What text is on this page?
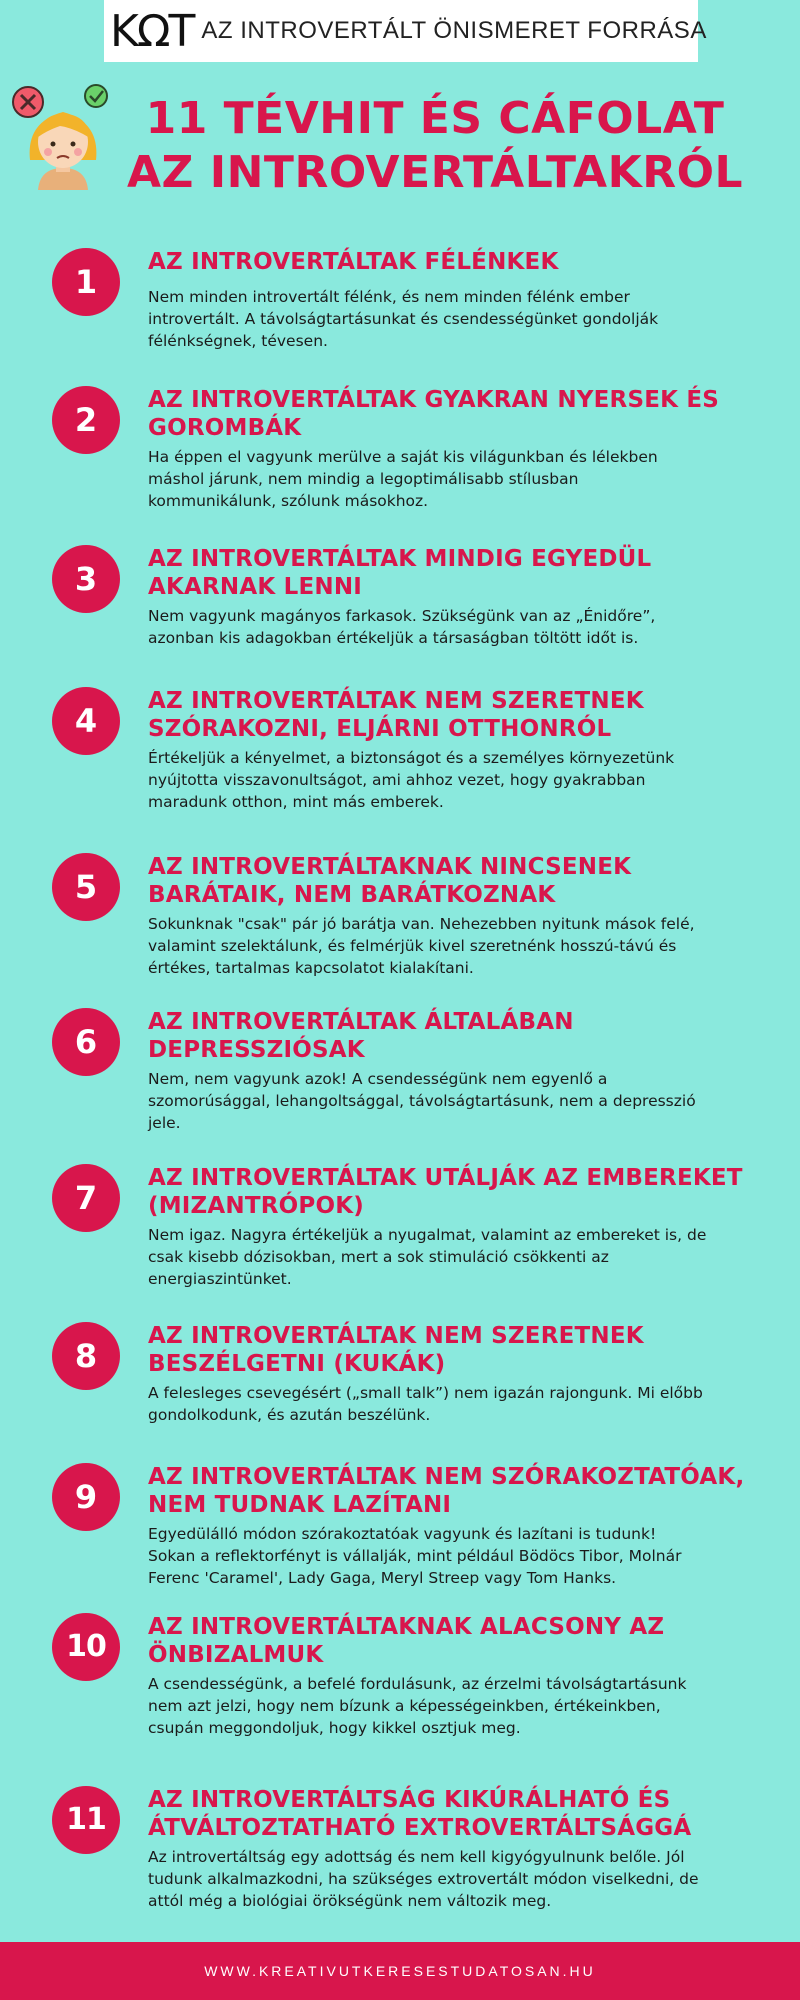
KΩT AZ INTROVERTÁLT ÖNISMERET FORRÁSA
11 TÉVHIT ÉS CÁFOLAT
AZ INTROVERTÁLTAKRÓL
1
AZ INTROVERTÁLTAK FÉLÉNKEK
Nem minden introvertált félénk, és nem minden félénk ember introvertált. A távolságtartásunkat és csendességünket gondolják félénkségnek, tévesen.
2
AZ INTROVERTÁLTAK GYAKRAN NYERSEK ÉS GOROMBÁK
Ha éppen el vagyunk merülve a saját kis világunkban és lélekben máshol járunk, nem mindig a legoptimálisabb stílusban kommunikálunk, szólunk másokhoz.
3
AZ INTROVERTÁLTAK MINDIG EGYEDÜL AKARNAK LENNI
Nem vagyunk magányos farkasok. Szükségünk van az „Énidőre”, azonban kis adagokban értékeljük a társaságban töltött időt is.
4
AZ INTROVERTÁLTAK NEM SZERETNEK SZÓRAKOZNI, ELJÁRNI OTTHONRÓL
Értékeljük a kényelmet, a biztonságot és a személyes környezetünk nyújtotta visszavonultságot, ami ahhoz vezet, hogy gyakrabban maradunk otthon, mint más emberek.
5
AZ INTROVERTÁLTAKNAK NINCSENEK BARÁTAIK, NEM BARÁTKOZNAK
Sokunknak "csak" pár jó barátja van. Nehezebben nyitunk mások felé, valamint szelektálunk, és felmérjük kivel szeretnénk hosszú-távú és értékes, tartalmas kapcsolatot kialakítani.
6
AZ INTROVERTÁLTAK ÁLTALÁBAN DEPRESSZIÓSAK
Nem, nem vagyunk azok! A csendességünk nem egyenlő a szomorúsággal, lehangoltsággal, távolságtartásunk, nem a depresszió jele.
7
AZ INTROVERTÁLTAK UTÁLJÁK AZ EMBEREKET (MIZANTRÓPOK)
Nem igaz. Nagyra értékeljük a nyugalmat, valamint az embereket is, de csak kisebb dózisokban, mert a sok stimuláció csökkenti az energiaszintünket.
8
AZ INTROVERTÁLTAK NEM SZERETNEK BESZÉLGETNI (KUKÁK)
A felesleges csevegésért („small talk”) nem igazán rajongunk. Mi előbb gondolkodunk, és azután beszélünk.
9
AZ INTROVERTÁLTAK NEM SZÓRAKOZTATÓAK, NEM TUDNAK LAZÍTANI
Egyedülálló módon szórakoztatóak vagyunk és lazítani is tudunk! Sokan a reflektorfényt is vállalják, mint például Bödöcs Tibor, Molnár Ferenc 'Caramel', Lady Gaga, Meryl Streep vagy Tom Hanks.
10
AZ INTROVERTÁLTAKNAK ALACSONY AZ ÖNBIZALMUK
A csendességünk, a befelé fordulásunk, az érzelmi távolságtartásunk nem azt jelzi, hogy nem bízunk a képességeinkben, értékeinkben, csupán meggondoljuk, hogy kikkel osztjuk meg.
11
AZ INTROVERTÁLTSÁG KIKÚRÁLHATÓ ÉS ÁTVÁLTOZTATHATÓ EXTROVERTÁLTSÁGGÁ
Az introvertáltság egy adottság és nem kell kigyógyulnunk belőle. Jól tudunk alkalmazkodni, ha szükséges extrovertált módon viselkedni, de attól még a biológiai örökségünk nem változik meg.
WWW.KREATIVUTKERESESTUDATOSAN.HU
